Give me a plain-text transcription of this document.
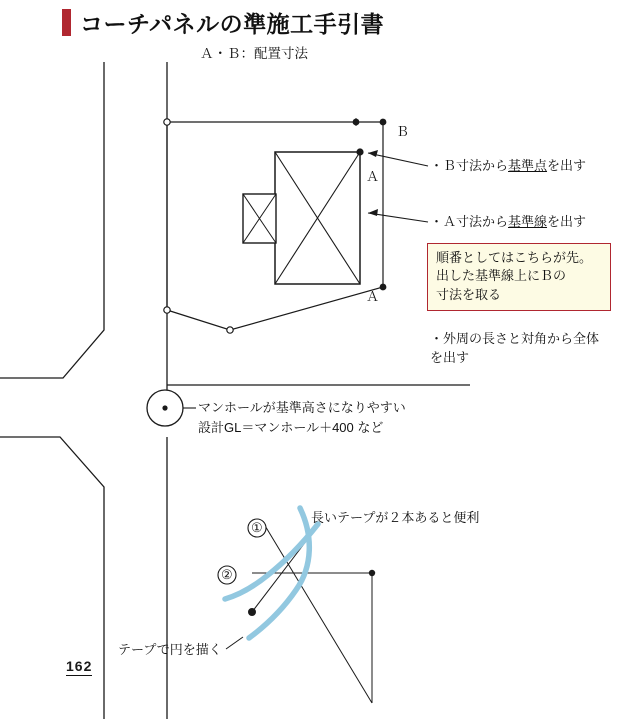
コーチパネルの準施工手引書
Ａ・Ｂ：配置寸法
Ｂ
Ａ
Ａ
・Ｂ寸法から基準点を出す
・Ａ寸法から基準線を出す
順番としてはこちらが先。
出した基準線上にＢの
寸法を取る
・外周の長さと対角から全体
を出す
マンホールが基準高さになりやすい
設計GL＝マンホール＋400 など
長いテープが２本あると便利
テープで円を描く
①
②
162
